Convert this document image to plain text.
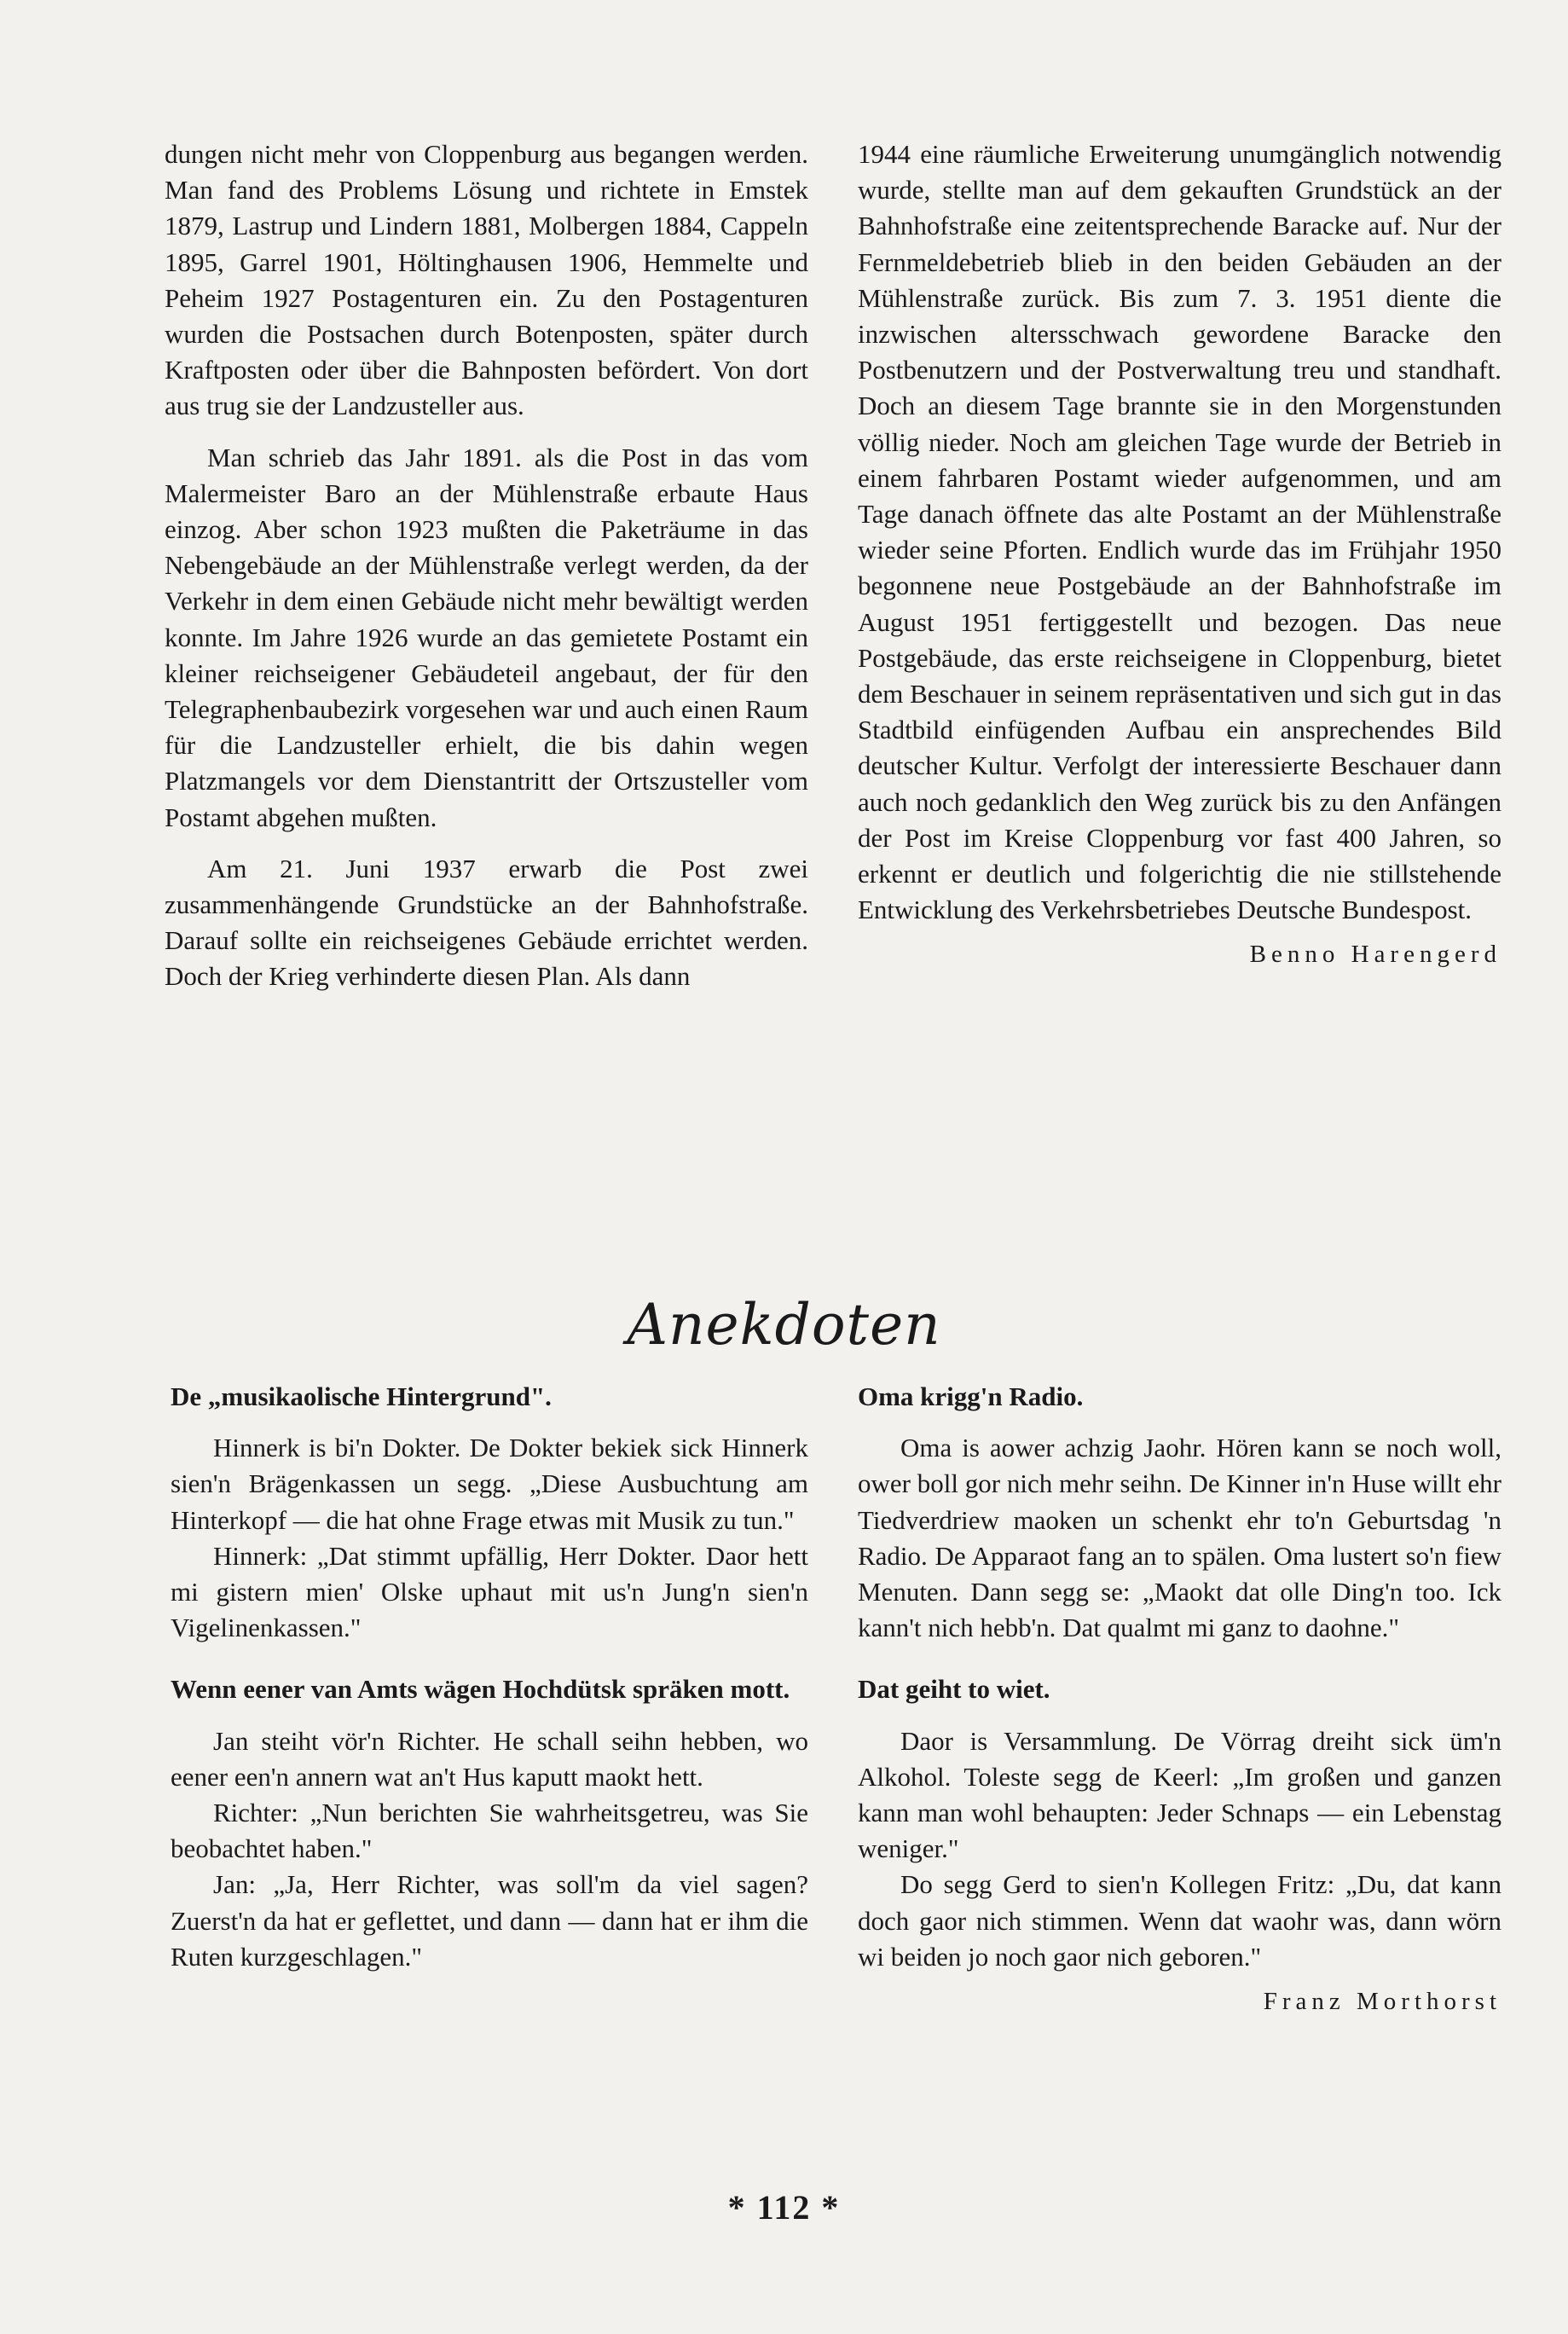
dungen nicht mehr von Cloppenburg aus begangen werden. Man fand des Problems Lösung und richtete in Emstek 1879, Lastrup und Lindern 1881, Molbergen 1884, Cappeln 1895, Garrel 1901, Höltinghausen 1906, Hemmelte und Peheim 1927 Postagenturen ein. Zu den Postagenturen wurden die Postsachen durch Botenposten, später durch Kraftposten oder über die Bahnposten befördert. Von dort aus trug sie der Landzusteller aus.

Man schrieb das Jahr 1891. als die Post in das vom Malermeister Baro an der Mühlenstraße erbaute Haus einzog. Aber schon 1923 mußten die Paketräume in das Nebengebäude an der Mühlenstraße verlegt werden, da der Verkehr in dem einen Gebäude nicht mehr bewältigt werden konnte. Im Jahre 1926 wurde an das gemietete Postamt ein kleiner reichseigener Gebäudeteil angebaut, der für den Telegraphenbaubezirk vorgesehen war und auch einen Raum für die Landzusteller erhielt, die bis dahin wegen Platzmangels vor dem Dienstantritt der Ortszusteller vom Postamt abgehen mußten.

Am 21. Juni 1937 erwarb die Post zwei zusammenhängende Grundstücke an der Bahnhofstraße. Darauf sollte ein reichseigenes Gebäude errichtet werden. Doch der Krieg verhinderte diesen Plan. Als dann

1944 eine räumliche Erweiterung unumgänglich notwendig wurde, stellte man auf dem gekauften Grundstück an der Bahnhofstraße eine zeitentsprechende Baracke auf. Nur der Fernmeldebetrieb blieb in den beiden Gebäuden an der Mühlenstraße zurück. Bis zum 7. 3. 1951 diente die inzwischen altersschwach gewordene Baracke den Postbenutzern und der Postverwaltung treu und standhaft. Doch an diesem Tage brannte sie in den Morgenstunden völlig nieder. Noch am gleichen Tage wurde der Betrieb in einem fahrbaren Postamt wieder aufgenommen, und am Tage danach öffnete das alte Postamt an der Mühlenstraße wieder seine Pforten. Endlich wurde das im Frühjahr 1950 begonnene neue Postgebäude an der Bahnhofstraße im August 1951 fertiggestellt und bezogen. Das neue Postgebäude, das erste reichseigene in Cloppenburg, bietet dem Beschauer in seinem repräsentativen und sich gut in das Stadtbild einfügenden Aufbau ein ansprechendes Bild deutscher Kultur. Verfolgt der interessierte Beschauer dann auch noch gedanklich den Weg zurück bis zu den Anfängen der Post im Kreise Cloppenburg vor fast 400 Jahren, so erkennt er deutlich und folgerichtig die nie stillstehende Entwicklung des Verkehrsbetriebes Deutsche Bundespost.

Benno Harengerd

Anekdoten

De „musikaolische Hintergrund".

Hinnerk is bi'n Dokter. De Dokter bekiek sick Hinnerk sien'n Brägenkassen un segg. „Diese Ausbuchtung am Hinterkopf — die hat ohne Frage etwas mit Musik zu tun."

Hinnerk: „Dat stimmt upfällig, Herr Dokter. Daor hett mi gistern mien' Olske uphaut mit us'n Jung'n sien'n Vigelinenkassen."

Wenn eener van Amts wägen Hochdütsk spräken mott.

Jan steiht vör'n Richter. He schall seihn hebben, wo eener een'n annern wat an't Hus kaputt maokt hett.

Richter: „Nun berichten Sie wahrheitsgetreu, was Sie beobachtet haben."

Jan: „Ja, Herr Richter, was soll'm da viel sagen? Zuerst'n da hat er geflettet, und dann — dann hat er ihm die Ruten kurzgeschlagen."

Oma krigg'n Radio.

Oma is aower achzig Jaohr. Hören kann se noch woll, ower boll gor nich mehr seihn. De Kinner in'n Huse willt ehr Tiedverdriew maoken un schenkt ehr to'n Geburtsdag 'n Radio. De Apparaot fang an to spälen. Oma lustert so'n fiew Menuten. Dann segg se: „Maokt dat olle Ding'n too. Ick kann't nich hebb'n. Dat qualmt mi ganz to daohne."

Dat geiht to wiet.

Daor is Versammlung. De Vörrag dreiht sick üm'n Alkohol. Toleste segg de Keerl: „Im großen und ganzen kann man wohl behaupten: Jeder Schnaps — ein Lebenstag weniger."

Do segg Gerd to sien'n Kollegen Fritz: „Du, dat kann doch gaor nich stimmen. Wenn dat waohr was, dann wörn wi beiden jo noch gaor nich geboren."

Franz Morthorst

* 112 *
